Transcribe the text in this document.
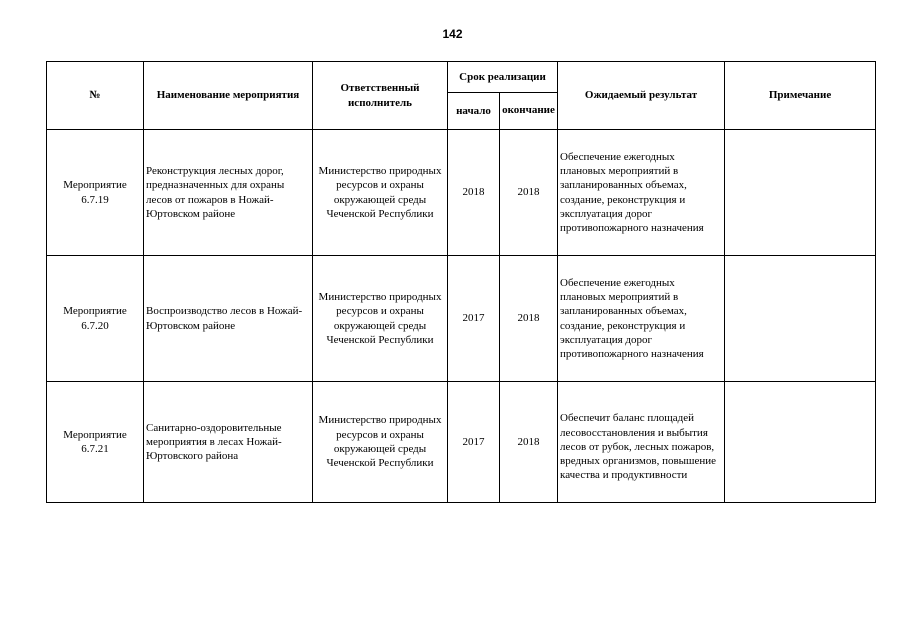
142
№	Наименование мероприятия	Ответственный исполнитель	Срок реализации		Ожидаемый результат	Примечание
			начало	окончание		
Мероприятие 6.7.19	Реконструкция лесных дорог, предназначенных для охраны лесов от пожаров в Ножай-Юртовском районе	Министерство природных ресурсов и охраны окружающей среды Чеченской Республики	2018	2018	Обеспечение ежегодных плановых мероприятий в запланированных объемах, создание, реконструкция и эксплуатация дорог противопожарного назначения	
Мероприятие 6.7.20	Воспроизводство лесов в Ножай-Юртовском районе	Министерство природных ресурсов и охраны окружающей среды Чеченской Республики	2017	2018	Обеспечение ежегодных плановых мероприятий в запланированных объемах, создание, реконструкция и эксплуатация дорог противопожарного назначения	
Мероприятие 6.7.21	Санитарно-оздоровительные мероприятия в лесах Ножай-Юртовского района	Министерство природных ресурсов и охраны окружающей среды Чеченской Республики	2017	2018	Обеспечит баланс площадей лесовосстановления и выбытия лесов от рубок, лесных пожаров, вредных организмов, повышение качества и продуктивности	
